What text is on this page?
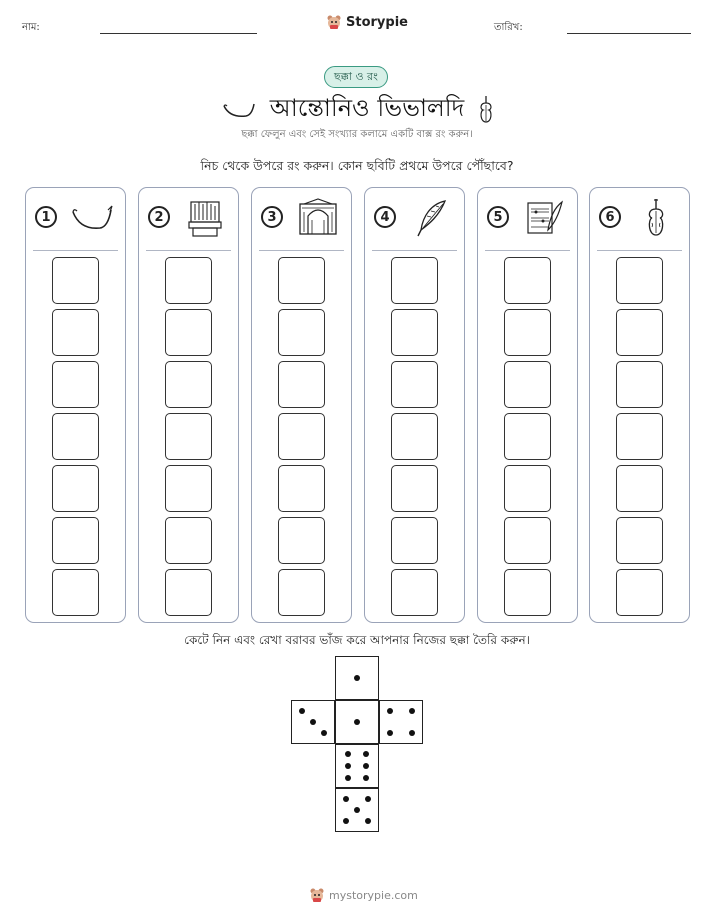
নাম:	Storypie	তারিখ:
ছক্কা ও রং
আন্তোনিও ভিভালদি
ছক্কা ফেলুন এবং সেই সংখ্যার কলামে একটি বাক্স রং করুন।
নিচ থেকে উপরে রং করুন। কোন ছবিটি প্রথমে উপরে পৌঁছাবে?
1	2	3	4	5	6
কেটে নিন এবং রেখা বরাবর ভাঁজ করে আপনার নিজের ছক্কা তৈরি করুন।
mystorypie.com
